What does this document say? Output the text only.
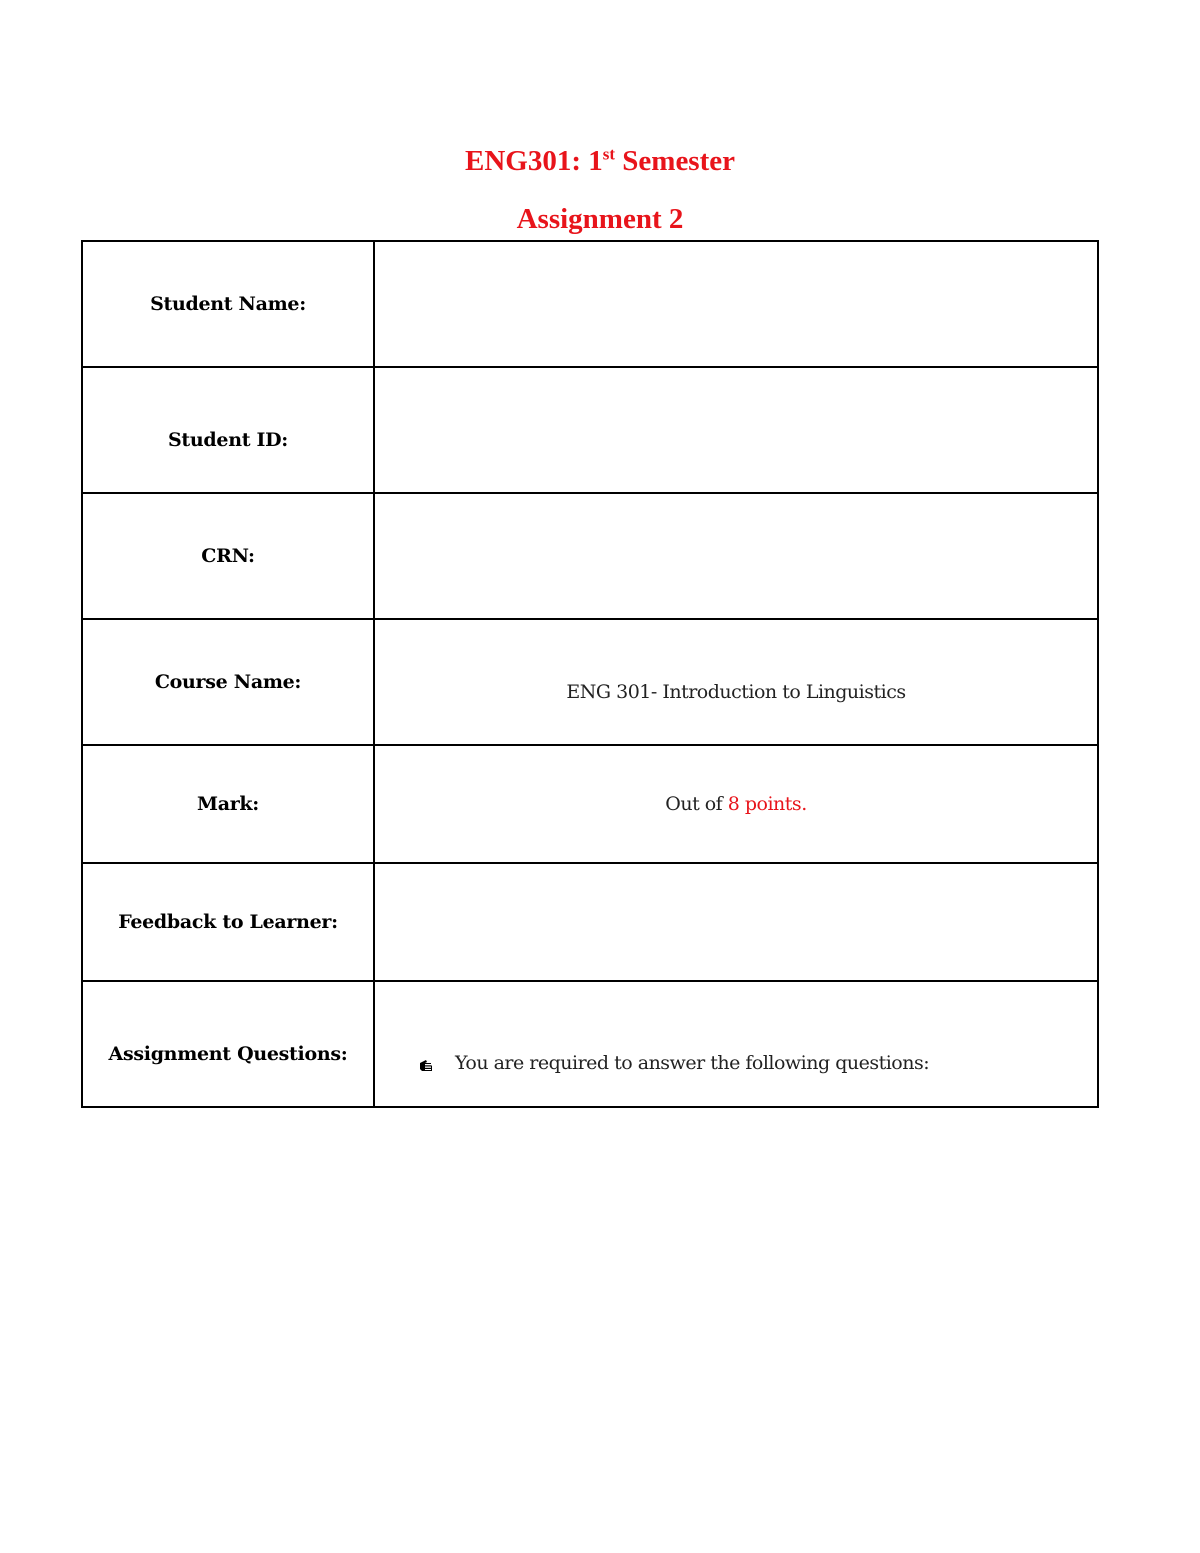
ENG301: 1st Semester
Assignment 2
Student Name:	
Student ID:	
CRN:	
Course Name:	ENG 301- Introduction to Linguistics
Mark:	Out of 8 points.
Feedback to Learner:	
Assignment Questions:	You are required to answer the following questions:
